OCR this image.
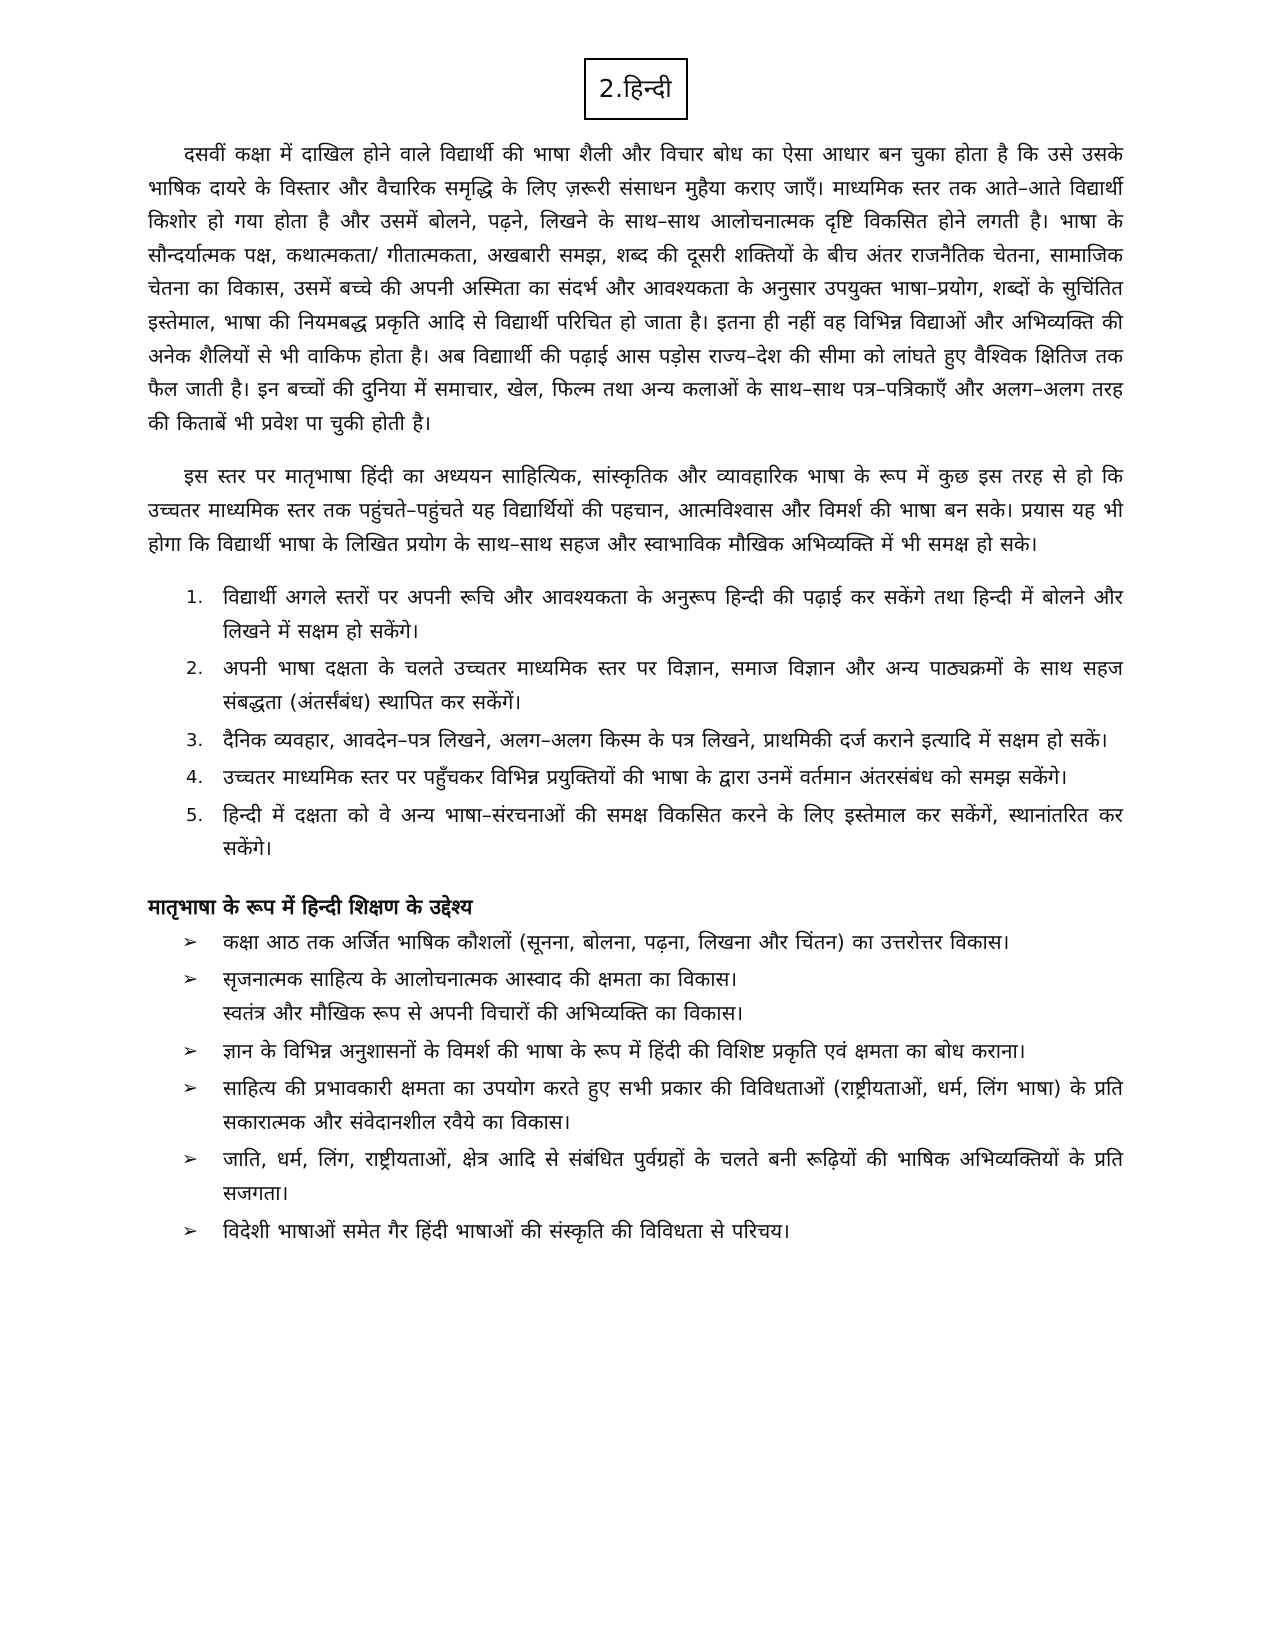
2.हिन्दी

दसवीं कक्षा में दाखिल होने वाले विद्यार्थी की भाषा शैली और विचार बोध का ऐसा आधार बन चुका होता है कि उसे उसके भाषिक दायरे के विस्तार और वैचारिक समृद्धि के लिए ज़रूरी संसाधन मुहैया कराए जाएँ। माध्यमिक स्तर तक आते–आते विद्यार्थी किशोर हो गया होता है और उसमें बोलने, पढ़ने, लिखने के साथ–साथ आलोचनात्मक दृष्टि विकसित होने लगती है। भाषा के सौन्दर्यात्मक पक्ष, कथात्मकता/ गीतात्मकता, अखबारी समझ, शब्द की दूसरी शक्तियों के बीच अंतर राजनैतिक चेतना, सामाजिक चेतना का विकास, उसमें बच्चे की अपनी अस्मिता का संदर्भ और आवश्यकता के अनुसार उपयुक्त भाषा–प्रयोग, शब्दों के सुचिंतित इस्तेमाल, भाषा की नियमबद्ध प्रकृति आदि से विद्यार्थी परिचित हो जाता है। इतना ही नहीं वह विभिन्न विद्याओं और अभिव्यक्ति की अनेक शैलियों से भी वाकिफ होता है। अब विद्याार्थी की पढ़ाई आस पड़ोस राज्य–देश की सीमा को लांघते हुए वैश्विक क्षितिज तक फैल जाती है। इन बच्चों की दुनिया में समाचार, खेल, फिल्म तथा अन्य कलाओं के साथ–साथ पत्र–पत्रिकाएँ और अलग–अलग तरह की किताबें भी प्रवेश पा चुकी होती है।

इस स्तर पर मातृभाषा हिंदी का अध्ययन साहित्यिक, सांस्कृतिक और व्यावहारिक भाषा के रूप में कुछ इस तरह से हो कि उच्चतर माध्यमिक स्तर तक पहुंचते–पहुंचते यह विद्यार्थियों की पहचान, आत्मविश्वास और विमर्श की भाषा बन सके। प्रयास यह भी होगा कि विद्यार्थी भाषा के लिखित प्रयोग के साथ–साथ सहज और स्वाभाविक मौखिक अभिव्यक्ति में भी समक्ष हो सके।

1. विद्यार्थी अगले स्तरों पर अपनी रूचि और आवश्यकता के अनुरूप हिन्दी की पढ़ाई कर सकेंगे तथा हिन्दी में बोलने और लिखने में सक्षम हो सकेंगे।
2. अपनी भाषा दक्षता के चलते उच्चतर माध्यमिक स्तर पर विज्ञान, समाज विज्ञान और अन्य पाठ्यक्रमों के साथ सहज संबद्धता (अंतर्संबंध) स्थापित कर सकेंगें।
3. दैनिक व्यवहार, आवदेन–पत्र लिखने, अलग–अलग किस्म के पत्र लिखने, प्राथमिकी दर्ज कराने इत्यादि में सक्षम हो सकें।
4. उच्चतर माध्यमिक स्तर पर पहुँचकर विभिन्न प्रयुक्तियों की भाषा के द्वारा उनमें वर्तमान अंतरसंबंध को समझ सकेंगे।
5. हिन्दी में दक्षता को वे अन्य भाषा–संरचनाओं की समक्ष विकसित करने के लिए इस्तेमाल कर सकेंगें, स्थानांतरित कर सकेंगे।
मातृभाषा के रूप में हिन्दी शिक्षण के उद्देश्य
➢ कक्षा आठ तक अर्जित भाषिक कौशलों (सूनना, बोलना, पढ़ना, लिखना और चिंतन) का उत्तरोत्तर विकास।
➢ सृजनात्मक साहित्य के आलोचनात्मक आस्वाद की क्षमता का विकास।
स्वतंत्र और मौखिक रूप से अपनी विचारों की अभिव्यक्ति का विकास।
➢ ज्ञान के विभिन्न अनुशासनों के विमर्श की भाषा के रूप में हिंदी की विशिष्ट प्रकृति एवं क्षमता का बोध कराना।
➢ साहित्य की प्रभावकारी क्षमता का उपयोग करते हुए सभी प्रकार की विविधताओं (राष्ट्रीयताओं, धर्म, लिंग भाषा) के प्रति सकारात्मक और संवेदानशील रवैये का विकास।
➢ जाति, धर्म, लिंग, राष्ट्रीयताओं, क्षेत्र आदि से संबंधित पुर्वग्रहों के चलते बनी रूढ़ियों की भाषिक अभिव्यक्तियों के प्रति सजगता।
➢ विदेशी भाषाओं समेत गैर हिंदी भाषाओं की संस्कृति की विविधता से परिचय।
